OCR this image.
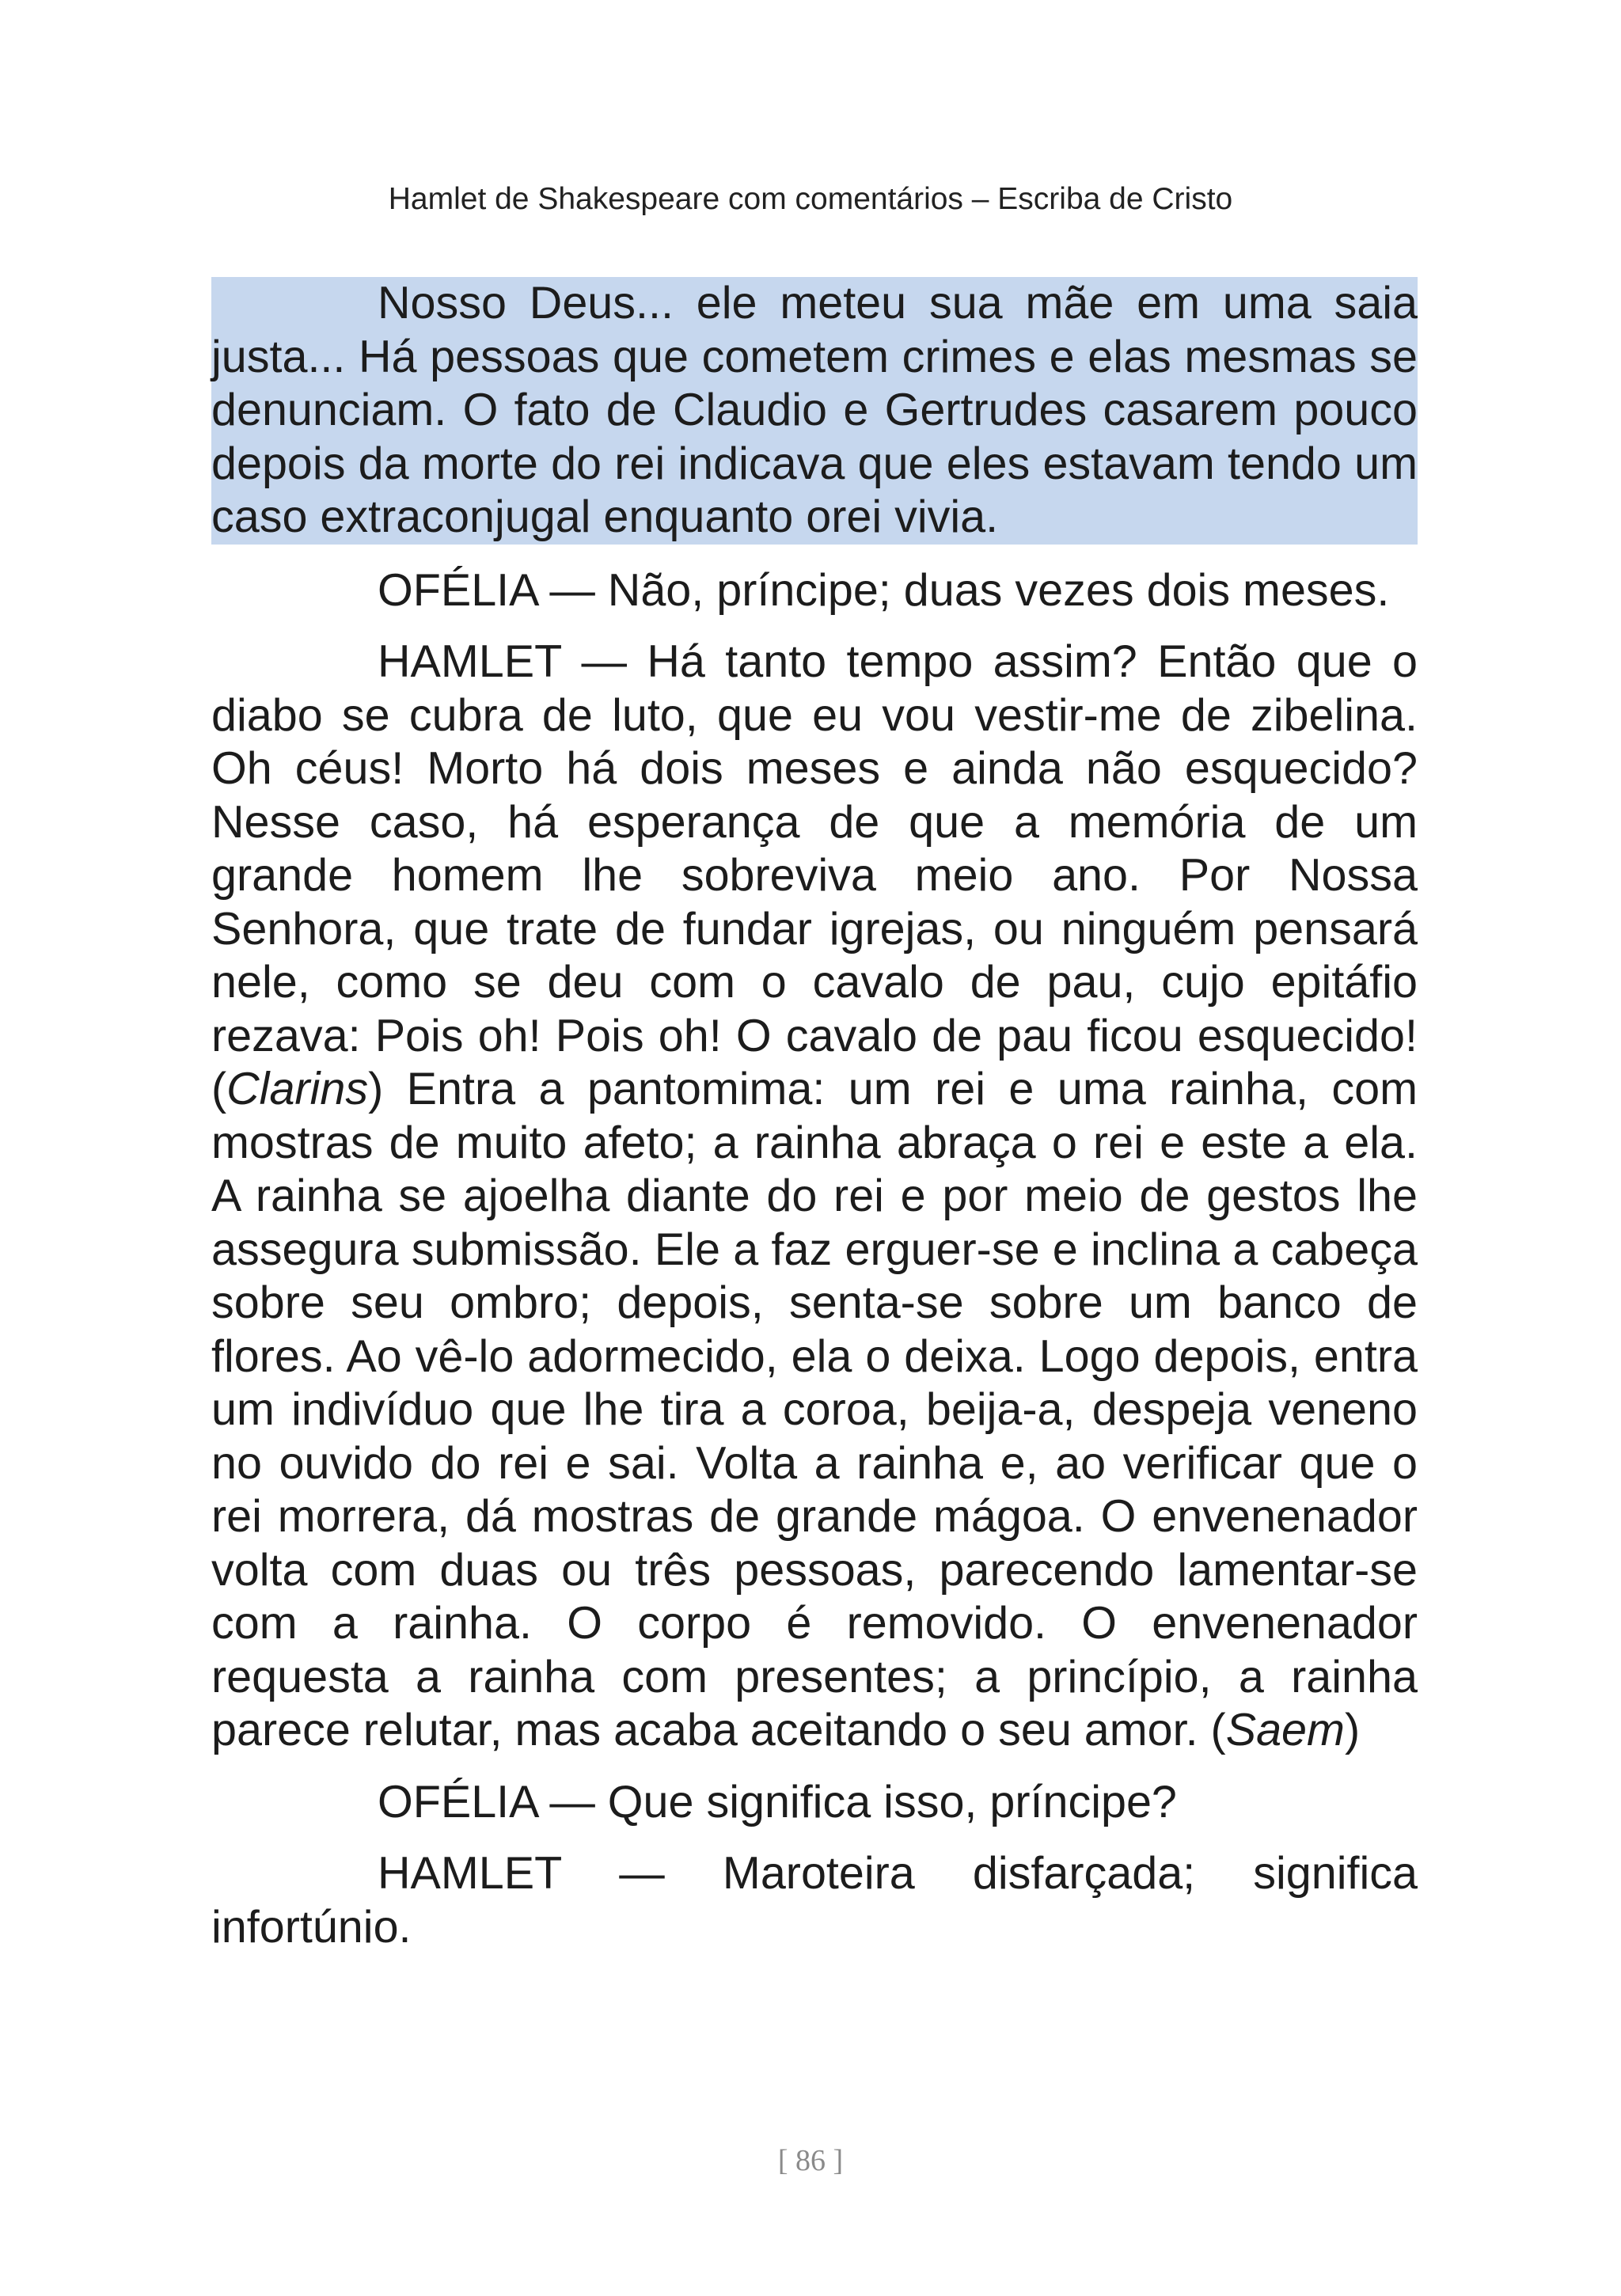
Hamlet de Shakespeare com comentários – Escriba de Cristo

Nosso Deus... ele meteu sua mãe em uma saia justa... Há pessoas que cometem crimes e elas mesmas se denunciam. O fato de Claudio e Gertrudes casarem pouco depois da morte do rei indicava que eles estavam tendo um caso extraconjugal enquanto orei vivia.

OFÉLIA — Não, príncipe; duas vezes dois meses.

HAMLET — Há tanto tempo assim? Então que o diabo se cubra de luto, que eu vou vestir-me de zibelina. Oh céus! Morto há dois meses e ainda não esquecido? Nesse caso, há esperança de que a memória de um grande homem lhe sobreviva meio ano. Por Nossa Senhora, que trate de fundar igrejas, ou ninguém pensará nele, como se deu com o cavalo de pau, cujo epitáfio rezava: Pois oh! Pois oh! O cavalo de pau ficou esquecido! (Clarins) Entra a pantomima: um rei e uma rainha, com mostras de muito afeto; a rainha abraça o rei e este a ela. A rainha se ajoelha diante do rei e por meio de gestos lhe assegura submissão. Ele a faz erguer-se e inclina a cabeça sobre seu ombro; depois, senta-se sobre um banco de flores. Ao vê-lo adormecido, ela o deixa. Logo depois, entra um indivíduo que lhe tira a coroa, beija-a, despeja veneno no ouvido do rei e sai. Volta a rainha e, ao verificar que o rei morrera, dá mostras de grande mágoa. O envenenador volta com duas ou três pessoas, parecendo lamentar-se com a rainha. O corpo é removido. O envenenador requesta a rainha com presentes; a princípio, a rainha parece relutar, mas acaba aceitando o seu amor. (Saem)

OFÉLIA — Que significa isso, príncipe?

HAMLET — Maroteira disfarçada; significa

infortúnio.

[ 86 ]
